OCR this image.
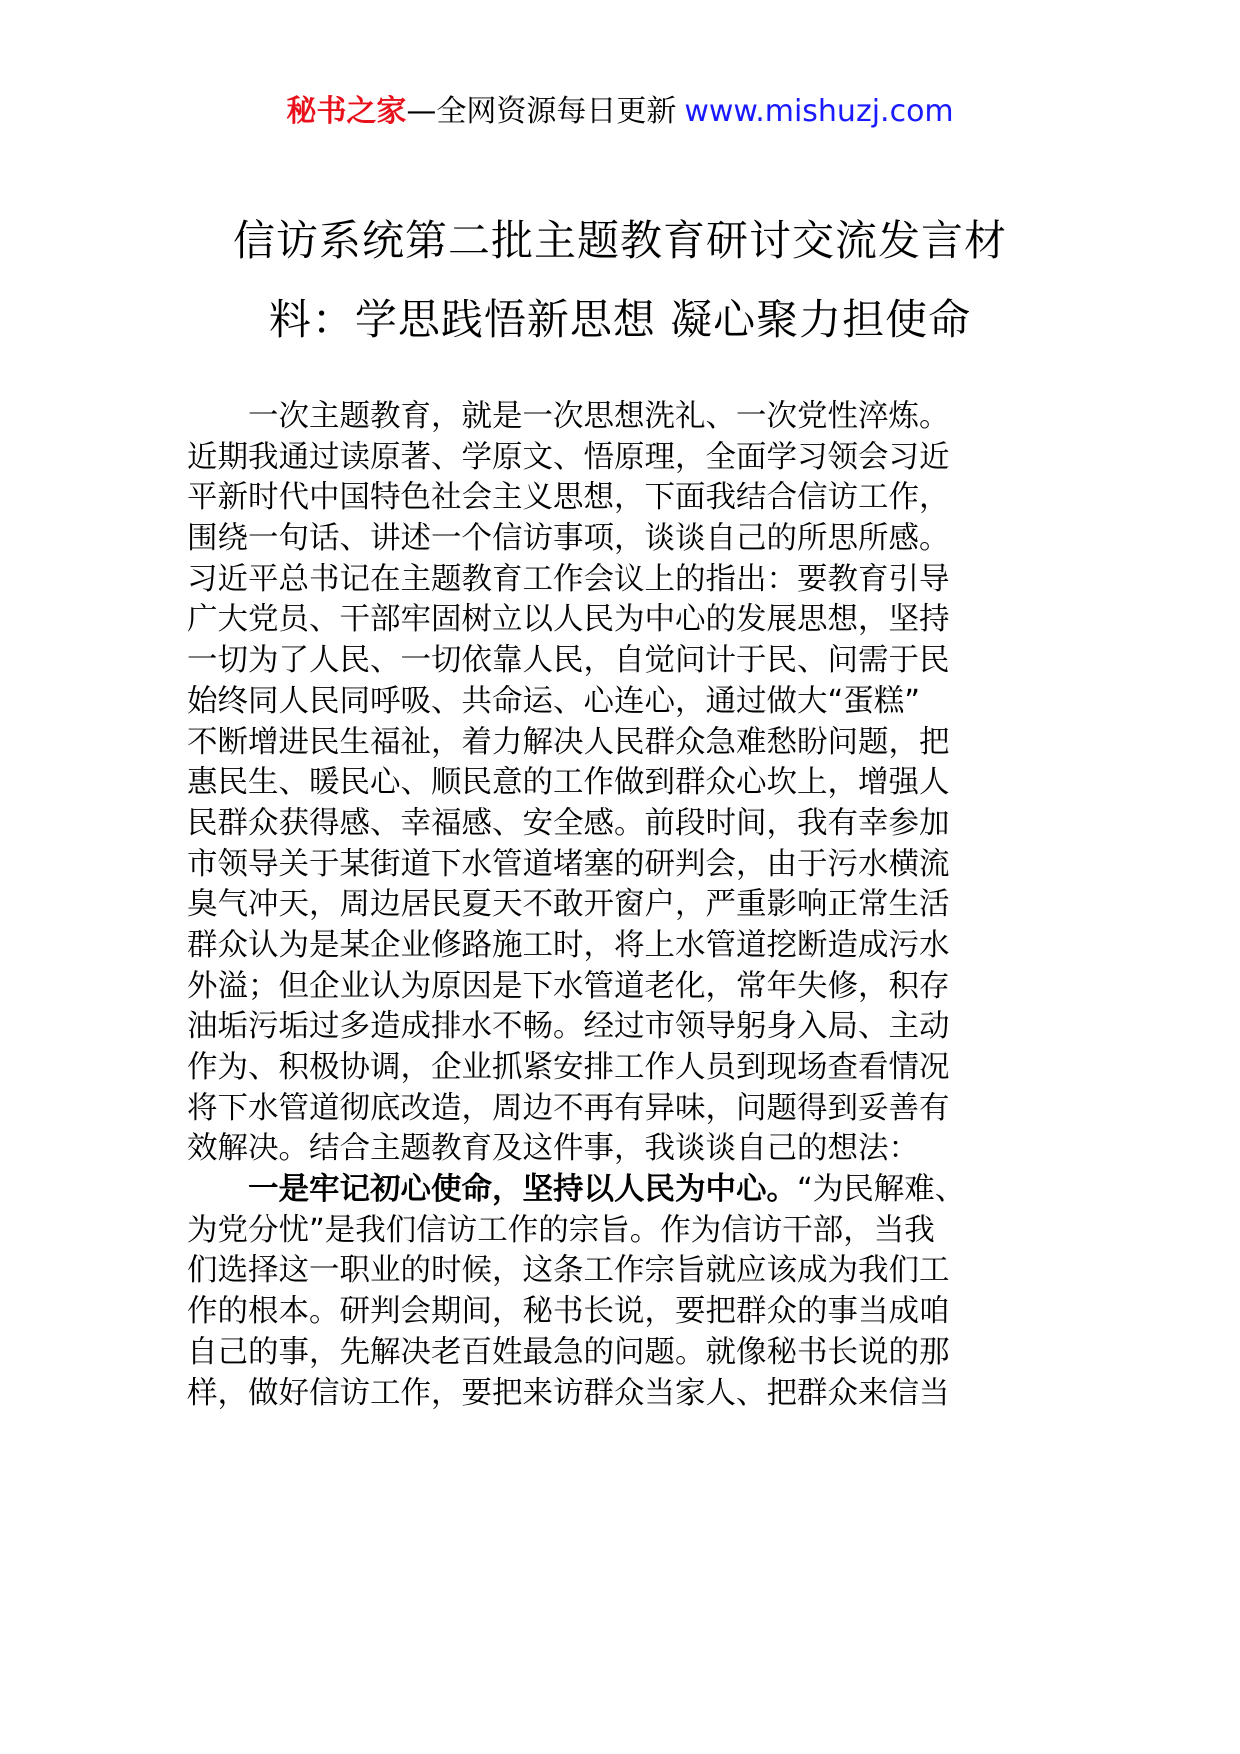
秘书之家—全网资源每日更新 www.mishuzj.com
信访系统第二批主题教育研讨交流发言材
料：学思践悟新思想 凝心聚力担使命
一次主题教育，就是一次思想洗礼、一次党性淬炼。
近期我通过读原著、学原文、悟原理，全面学习领会习近
平新时代中国特色社会主义思想，下面我结合信访工作，
围绕一句话、讲述一个信访事项，谈谈自己的所思所感。
习近平总书记在主题教育工作会议上的指出：要教育引导
广大党员、干部牢固树立以人民为中心的发展思想，坚持
一切为了人民、一切依靠人民，自觉问计于民、问需于民
始终同人民同呼吸、共命运、心连心，通过做大“蛋糕”
不断增进民生福祉，着力解决人民群众急难愁盼问题，把
惠民生、暖民心、顺民意的工作做到群众心坎上，增强人
民群众获得感、幸福感、安全感。前段时间，我有幸参加
市领导关于某街道下水管道堵塞的研判会，由于污水横流
臭气冲天，周边居民夏天不敢开窗户，严重影响正常生活
群众认为是某企业修路施工时，将上水管道挖断造成污水
外溢；但企业认为原因是下水管道老化，常年失修，积存
油垢污垢过多造成排水不畅。经过市领导躬身入局、主动
作为、积极协调，企业抓紧安排工作人员到现场查看情况
将下水管道彻底改造，周边不再有异味，问题得到妥善有
效解决。结合主题教育及这件事，我谈谈自己的想法：
一是牢记初心使命，坚持以人民为中心。“为民解难、
为党分忧”是我们信访工作的宗旨。作为信访干部，当我
们选择这一职业的时候，这条工作宗旨就应该成为我们工
作的根本。研判会期间，秘书长说，要把群众的事当成咱
自己的事，先解决老百姓最急的问题。就像秘书长说的那
样，做好信访工作，要把来访群众当家人、把群众来信当
